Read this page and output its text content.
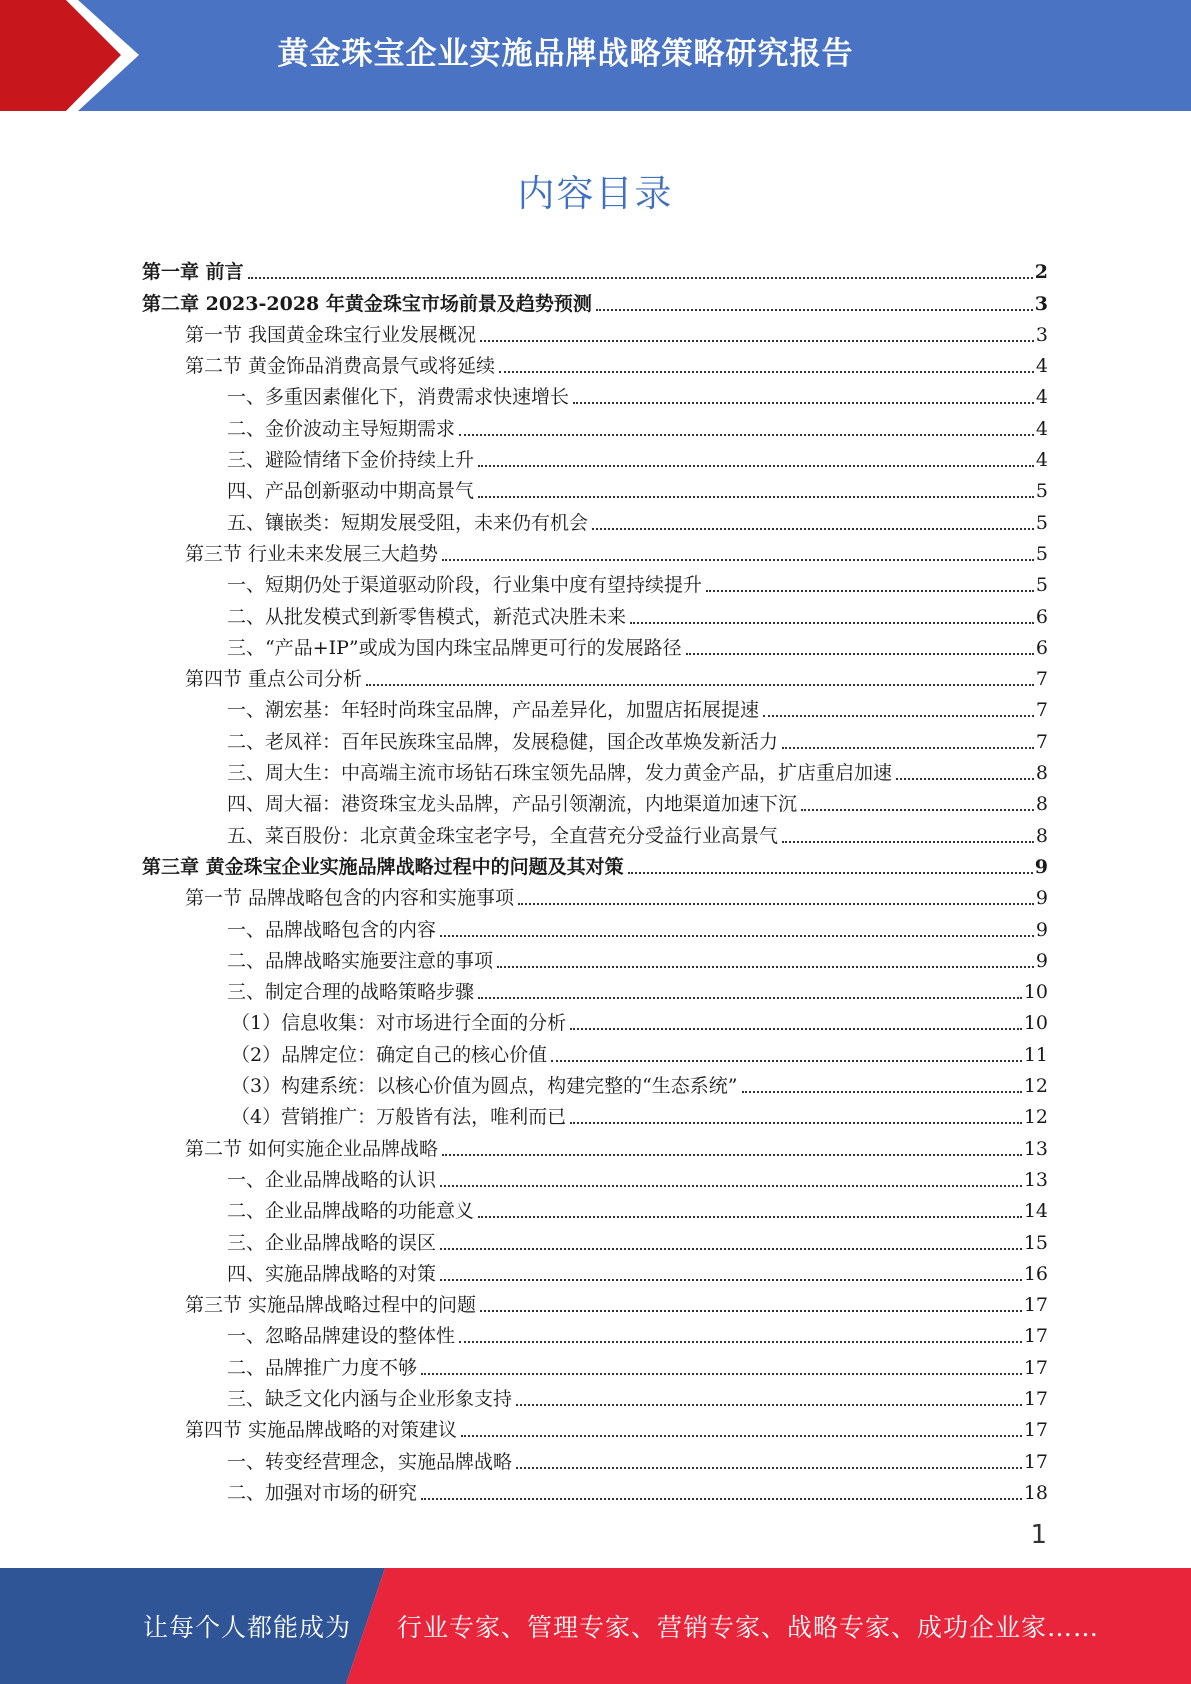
黄金珠宝企业实施品牌战略策略研究报告
内容目录
第一章 前言	2
第二章 2023-2028 年黄金珠宝市场前景及趋势预测	3
第一节 我国黄金珠宝行业发展概况	3
第二节 黄金饰品消费高景气或将延续	4
一、多重因素催化下，消费需求快速增长	4
二、金价波动主导短期需求	4
三、避险情绪下金价持续上升	4
四、产品创新驱动中期高景气	5
五、镶嵌类：短期发展受阻，未来仍有机会	5
第三节 行业未来发展三大趋势	5
一、短期仍处于渠道驱动阶段，行业集中度有望持续提升	5
二、从批发模式到新零售模式，新范式决胜未来	6
三、“产品+IP”或成为国内珠宝品牌更可行的发展路径	6
第四节 重点公司分析	7
一、潮宏基：年轻时尚珠宝品牌，产品差异化，加盟店拓展提速	7
二、老凤祥：百年民族珠宝品牌，发展稳健，国企改革焕发新活力	7
三、周大生：中高端主流市场钻石珠宝领先品牌，发力黄金产品，扩店重启加速	8
四、周大福：港资珠宝龙头品牌，产品引领潮流，内地渠道加速下沉	8
五、菜百股份：北京黄金珠宝老字号，全直营充分受益行业高景气	8
第三章 黄金珠宝企业实施品牌战略过程中的问题及其对策	9
第一节 品牌战略包含的内容和实施事项	9
一、品牌战略包含的内容	9
二、品牌战略实施要注意的事项	9
三、制定合理的战略策略步骤	10
（1）信息收集：对市场进行全面的分析	10
（2）品牌定位：确定自己的核心价值	11
（3）构建系统：以核心价值为圆点，构建完整的“生态系统”	12
（4）营销推广：万般皆有法，唯利而已	12
第二节 如何实施企业品牌战略	13
一、企业品牌战略的认识	13
二、企业品牌战略的功能意义	14
三、企业品牌战略的误区	15
四、实施品牌战略的对策	16
第三节 实施品牌战略过程中的问题	17
一、忽略品牌建设的整体性	17
二、品牌推广力度不够	17
三、缺乏文化内涵与企业形象支持	17
第四节 实施品牌战略的对策建议	17
一、转变经营理念，实施品牌战略	17
二、加强对市场的研究	18
1
让每个人都能成为 行业专家、管理专家、营销专家、战略专家、成功企业家……
